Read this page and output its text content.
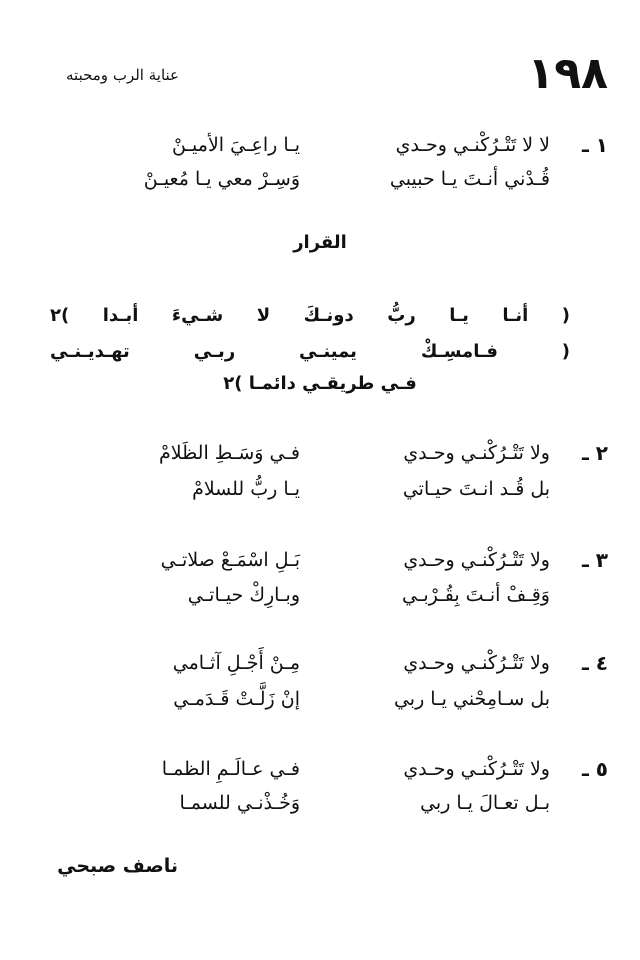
١٩٨
عناية الرب ومحبته
١ ـ
لا لا تَتْـرُكْنـي وحـدي
يـا راعِـيَ الأميـنْ
قُـدْني أنـتَ يـا حبيبي
وَسِـرْ معي يـا مُعيـنْ
القرار
( أنـا يـا ربُّ دونـكَ لا شـيءَ أبـدا )٢
( فـامسِـكْ يمينـي ربـي تهـديـنـي
فـي طريقـي دائمـا )٢
٢ ـ
ولا تَتْـرُكْنـي وحـدي
فـي وَسَـطِ الظَلامْ
بل قُـد انـتَ حيـاتي
يـا ربُّ للسلامْ
٣ ـ
ولا تَتْـرُكْنـي وحـدي
بَـلِ اسْمَـعْ صلاتـي
وَقِـفْ أنـتَ بِقُـرْبـي
وبـارِكْ حيـاتـي
٤ ـ
ولا تَتْـرُكْنـي وحـدي
مِـنْ أَجْـلِ آثـامي
بل سـامِحْني يـا ربي
إنْ زَلَّـتْ قَـدَمـي
٥ ـ
ولا تَتْـرُكْنـي وحـدي
فـي عـالَـمِ الظمـا
بـل تعـالَ يـا ربي
وَخُـذْنـي للسمـا
ناصف صبحي
